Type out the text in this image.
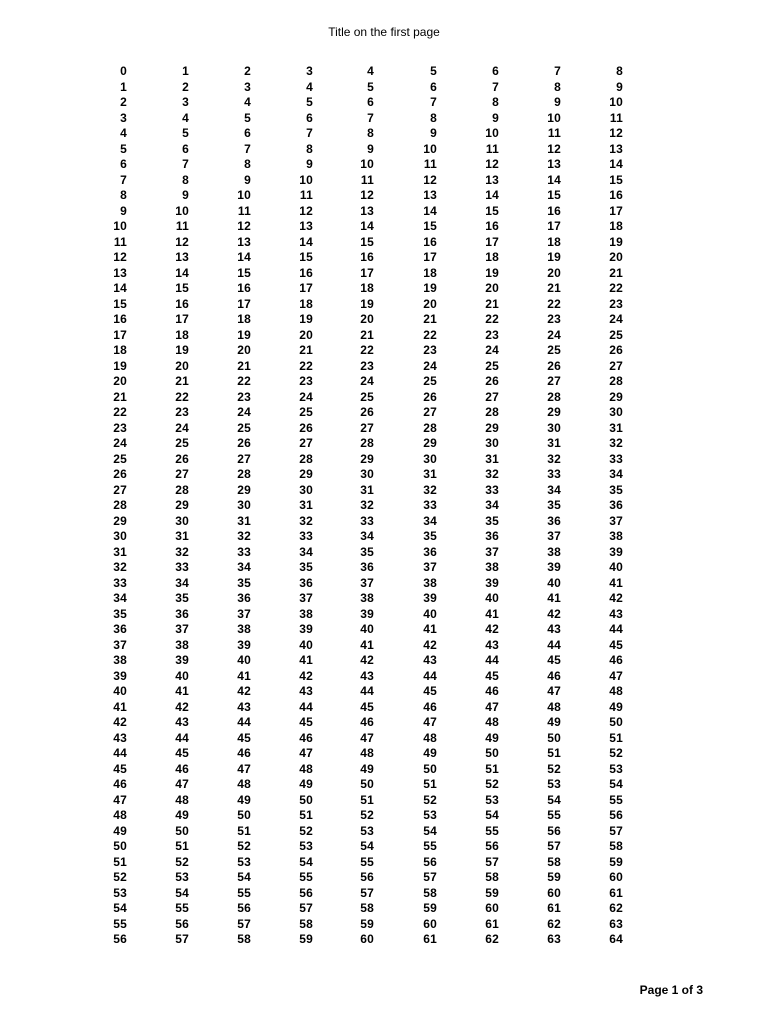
Title on the first page
0	1	2	3	4	5	6	7	8
1	2	3	4	5	6	7	8	9
2	3	4	5	6	7	8	9	10
3	4	5	6	7	8	9	10	11
4	5	6	7	8	9	10	11	12
5	6	7	8	9	10	11	12	13
6	7	8	9	10	11	12	13	14
7	8	9	10	11	12	13	14	15
8	9	10	11	12	13	14	15	16
9	10	11	12	13	14	15	16	17
10	11	12	13	14	15	16	17	18
11	12	13	14	15	16	17	18	19
12	13	14	15	16	17	18	19	20
13	14	15	16	17	18	19	20	21
14	15	16	17	18	19	20	21	22
15	16	17	18	19	20	21	22	23
16	17	18	19	20	21	22	23	24
17	18	19	20	21	22	23	24	25
18	19	20	21	22	23	24	25	26
19	20	21	22	23	24	25	26	27
20	21	22	23	24	25	26	27	28
21	22	23	24	25	26	27	28	29
22	23	24	25	26	27	28	29	30
23	24	25	26	27	28	29	30	31
24	25	26	27	28	29	30	31	32
25	26	27	28	29	30	31	32	33
26	27	28	29	30	31	32	33	34
27	28	29	30	31	32	33	34	35
28	29	30	31	32	33	34	35	36
29	30	31	32	33	34	35	36	37
30	31	32	33	34	35	36	37	38
31	32	33	34	35	36	37	38	39
32	33	34	35	36	37	38	39	40
33	34	35	36	37	38	39	40	41
34	35	36	37	38	39	40	41	42
35	36	37	38	39	40	41	42	43
36	37	38	39	40	41	42	43	44
37	38	39	40	41	42	43	44	45
38	39	40	41	42	43	44	45	46
39	40	41	42	43	44	45	46	47
40	41	42	43	44	45	46	47	48
41	42	43	44	45	46	47	48	49
42	43	44	45	46	47	48	49	50
43	44	45	46	47	48	49	50	51
44	45	46	47	48	49	50	51	52
45	46	47	48	49	50	51	52	53
46	47	48	49	50	51	52	53	54
47	48	49	50	51	52	53	54	55
48	49	50	51	52	53	54	55	56
49	50	51	52	53	54	55	56	57
50	51	52	53	54	55	56	57	58
51	52	53	54	55	56	57	58	59
52	53	54	55	56	57	58	59	60
53	54	55	56	57	58	59	60	61
54	55	56	57	58	59	60	61	62
55	56	57	58	59	60	61	62	63
56	57	58	59	60	61	62	63	64
Page 1 of 3
